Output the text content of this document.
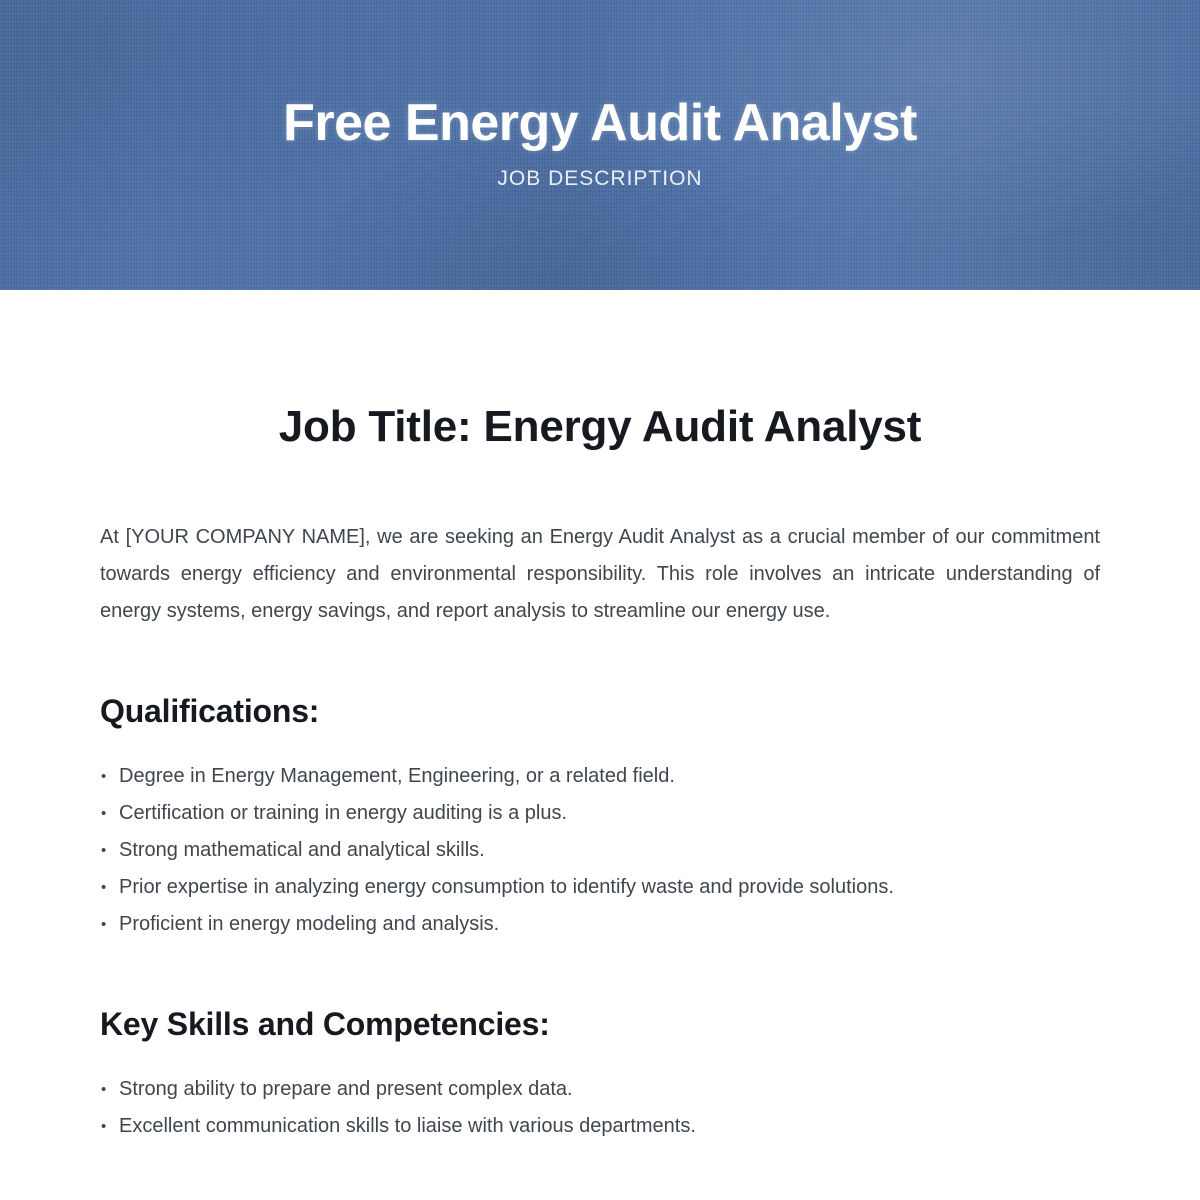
Free Energy Audit Analyst
JOB DESCRIPTION
Job Title: Energy Audit Analyst

At [YOUR COMPANY NAME], we are seeking an Energy Audit Analyst as a crucial member of our commitment towards energy efficiency and environmental responsibility. This role involves an intricate understanding of energy systems, energy savings, and report analysis to streamline our energy use.

Qualifications:
• Degree in Energy Management, Engineering, or a related field.
• Certification or training in energy auditing is a plus.
• Strong mathematical and analytical skills.
• Prior expertise in analyzing energy consumption to identify waste and provide solutions.
• Proficient in energy modeling and analysis.
Key Skills and Competencies:
• Strong ability to prepare and present complex data.
• Excellent communication skills to liaise with various departments.
